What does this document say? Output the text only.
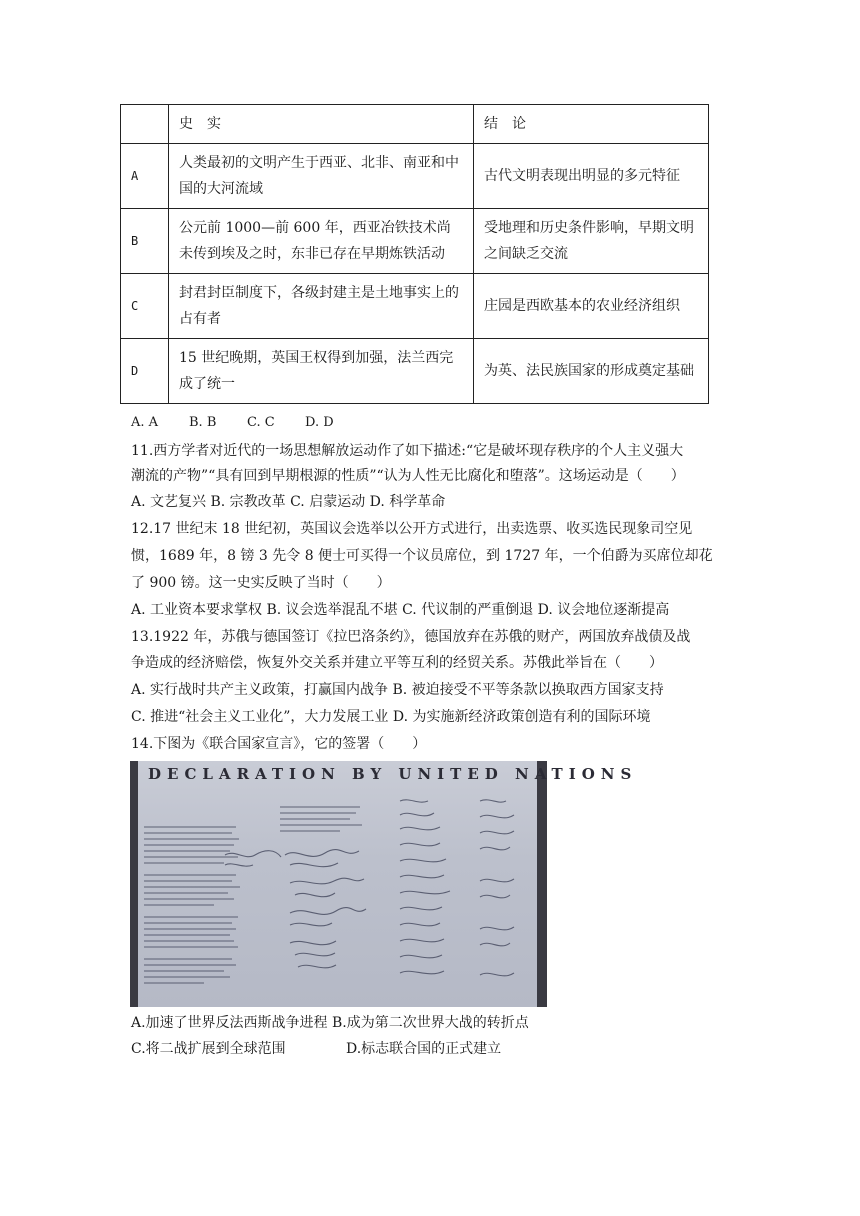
	史　实	结　论
A	人类最初的文明产生于西亚、北非、南亚和中国的大河流域	古代文明表现出明显的多元特征
B	公元前 1000—前 600 年，西亚冶铁技术尚未传到埃及之时，东非已存在早期炼铁活动	受地理和历史条件影响，早期文明之间缺乏交流
C	封君封臣制度下，各级封建主是土地事实上的占有者	庄园是西欧基本的农业经济组织
D	15 世纪晚期，英国王权得到加强，法兰西完成了统一	为英、法民族国家的形成奠定基础
A. A B. B C. C D. D
11.西方学者对近代的一场思想解放运动作了如下描述:“它是破坏现存秩序的个人主义强大
潮流的产物”“具有回到早期根源的性质”“认为人性无比腐化和堕落”。这场运动是（　　）
A. 文艺复兴 B. 宗教改革 C. 启蒙运动 D. 科学革命
12.17 世纪末 18 世纪初，英国议会选举以公开方式进行，出卖选票、收买选民现象司空见
惯，1689 年，8 镑 3 先令 8 便士可买得一个议员席位，到 1727 年，一个伯爵为买席位却花
了 900 镑。这一史实反映了当时（　　）
A. 工业资本要求掌权 B. 议会选举混乱不堪 C. 代议制的严重倒退 D. 议会地位逐渐提高
13.1922 年，苏俄与德国签订《拉巴洛条约》，德国放弃在苏俄的财产，两国放弃战债及战
争造成的经济赔偿，恢复外交关系并建立平等互利的经贸关系。苏俄此举旨在（　　）
A. 实行战时共产主义政策，打赢国内战争 B. 被迫接受不平等条款以换取西方国家支持
C. 推进“社会主义工业化”，大力发展工业 D. 为实施新经济政策创造有利的国际环境
14.下图为《联合国家宣言》，它的签署（　　）
DECLARATION BY UNITED NATIONS
A.加速了世界反法西斯战争进程 B.成为第二次世界大战的转折点
C.将二战扩展到全球范围	D.标志联合国的正式建立
